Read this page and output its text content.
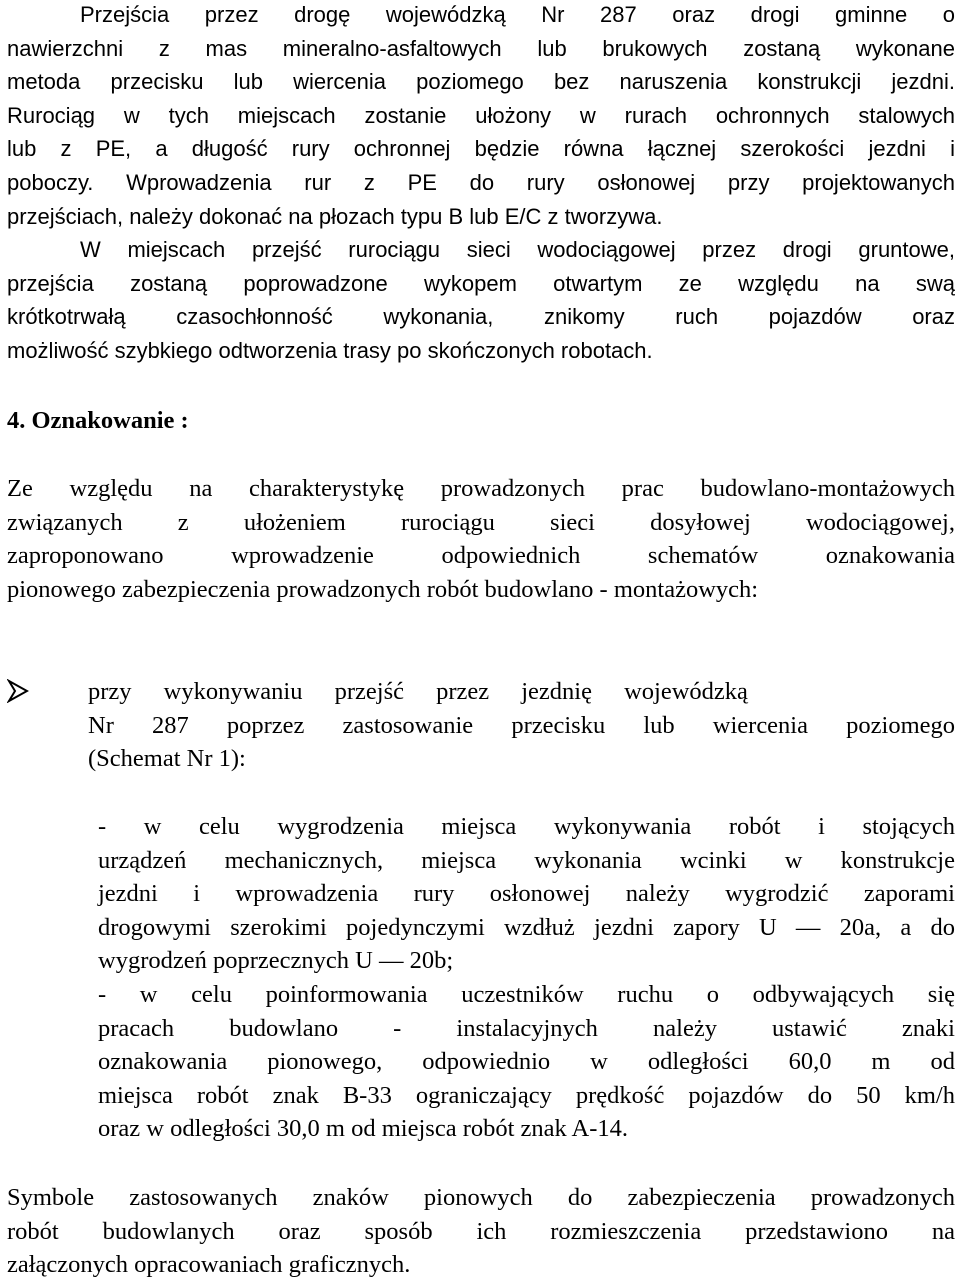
Przejścia przez drogę wojewódzką Nr 287 oraz drogi gminne o
nawierzchni z mas mineralno-asfaltowych lub brukowych zostaną wykonane
metoda przecisku lub wiercenia poziomego bez naruszenia konstrukcji jezdni.
Rurociąg w tych miejscach zostanie ułożony w rurach ochronnych stalowych
lub z PE, a długość rury ochronnej będzie równa łącznej szerokości jezdni i
poboczy. Wprowadzenia rur z PE do rury osłonowej przy projektowanych
przejściach, należy dokonać na płozach typu B lub E/C z tworzywa.
W miejscach przejść rurociągu sieci wodociągowej przez drogi gruntowe,
przejścia zostaną poprowadzone wykopem otwartym ze względu na swą
krótkotrwałą czasochłonność wykonania, znikomy ruch pojazdów oraz
możliwość szybkiego odtworzenia trasy po skończonych robotach.
4. Oznakowanie :
Ze względu na charakterystykę prowadzonych prac budowlano-montażowych
związanych z ułożeniem rurociągu sieci dosyłowej wodociągowej,
zaproponowano wprowadzenie odpowiednich schematów oznakowania
pionowego zabezpieczenia prowadzonych robót budowlano - montażowych:
przy wykonywaniu przejść przez jezdnię wojewódzką
Nr 287 poprzez zastosowanie przecisku lub wiercenia poziomego
(Schemat Nr 1):
- w celu wygrodzenia miejsca wykonywania robót i stojących
urządzeń mechanicznych, miejsca wykonania wcinki w konstrukcje
jezdni i wprowadzenia rury osłonowej należy wygrodzić zaporami
drogowymi szerokimi pojedynczymi wzdłuż jezdni zapory U — 20a, a do
wygrodzeń poprzecznych U — 20b;
- w celu poinformowania uczestników ruchu o odbywających się
pracach budowlano - instalacyjnych należy ustawić znaki
oznakowania pionowego, odpowiednio w odległości 60,0 m od
miejsca robót znak B-33 ograniczający prędkość pojazdów do 50 km/h
oraz w odległości 30,0 m od miejsca robót znak A-14.
Symbole zastosowanych znaków pionowych do zabezpieczenia prowadzonych
robót budowlanych oraz sposób ich rozmieszczenia przedstawiono na
załączonych opracowaniach graficznych.
